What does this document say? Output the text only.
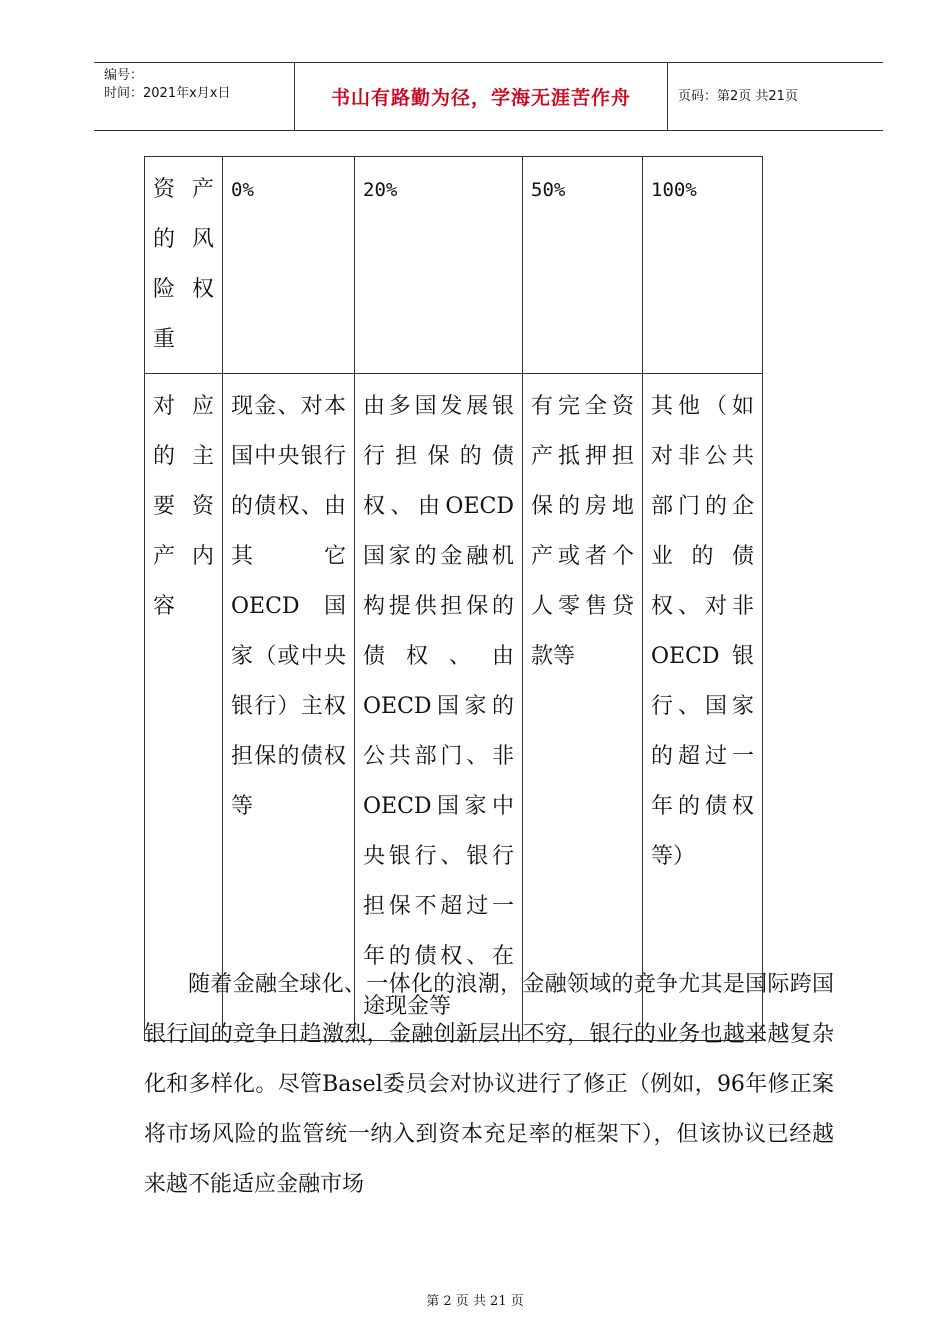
编号：
时间：2021年x月x日	书山有路勤为径，学海无涯苦作舟	页码：第2页 共21页
资产的风险权重	0%	20%	50%	100%
对应的主要资产内容	现金、对本国中央银行的债权、由其它 OECD 国家（或中央银行）主权担保的债权等	由多国发展银行担保的债权、由OECD国家的金融机构提供担保的债权、由OECD国家的公共部门、非OECD国家中央银行、银行担保不超过一年的债权、在途现金等	有完全资产抵押担保的房地产或者个人零售贷款等	其他（如对非公共部门的企业的债权、对非 OECD 银行、国家的超过一年的债权等）
随着金融全球化、一体化的浪潮，金融领域的竞争尤其是国际跨国银行间的竞争日趋激烈，金融创新层出不穷，银行的业务也越来越复杂化和多样化。尽管Basel委员会对协议进行了修正（例如，96年修正案将市场风险的监管统一纳入到资本充足率的框架下），但该协议已经越来越不能适应金融市场
第 2 页 共 21 页
